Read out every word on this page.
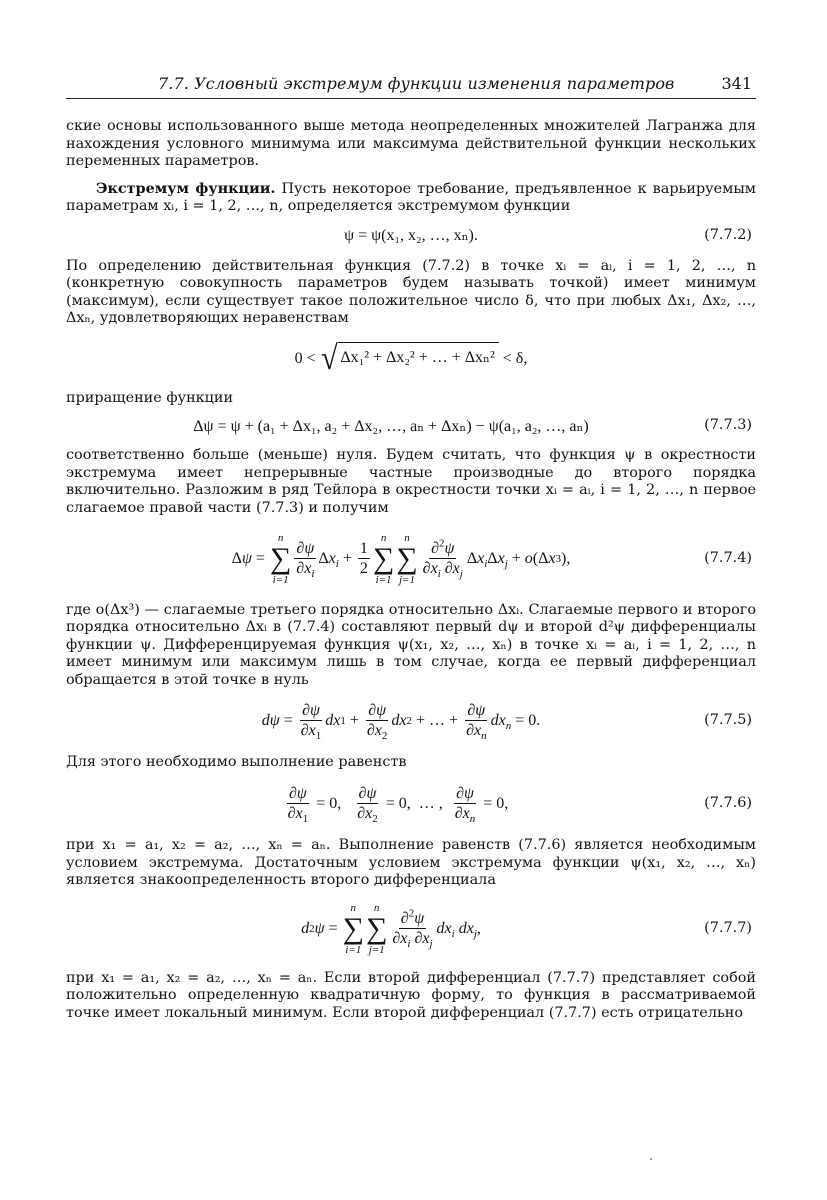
7.7. Условный экстремум функции изменения параметров	341

ские основы использованного выше метода неопределенных множителей Лагранжа для нахождения условного минимума или максимума действительной функции нескольких переменных параметров.

Экстремум функции. Пусть некоторое требование, предъявленное к варьируемым параметрам xᵢ, i = 1, 2, …, n, определяется экстремумом функции

ψ = ψ(x₁, x₂, …, xₙ).	(7.7.2)

По определению действительная функция (7.7.2) в точке xᵢ = aᵢ, i = 1, 2, …, n (конкретную совокупность параметров будем называть точкой) имеет минимум (максимум), если существует такое положительное число δ, что при любых Δx₁, Δx₂, …, Δxₙ, удовлетворяющих неравенствам

0 < √ Δx₁² + Δx₂² + … + Δxₙ² < δ,

приращение функции

Δψ = ψ + (a₁ + Δx₁, a₂ + Δx₂, …, aₙ + Δxₙ) − ψ(a₁, a₂, …, aₙ)	(7.7.3)

соответственно больше (меньше) нуля. Будем считать, что функция ψ в окрестности экстремума имеет непрерывные частные производные до второго порядка включительно. Разложим в ряд Тейлора в окрестности точки xᵢ = aᵢ, i = 1, 2, …, n первое слагаемое правой части (7.7.3) и получим

Δ ψ =
n
∑
i=1
$\frac{\partial\psi}{\partial x_i}$ Δ $x_i + \frac{1}{2}$
n
∑
i=1
n
∑
j=1
$\frac{\partial^2\psi}{\partial x_i \partial x_j}$ Δ $x_i$ Δ $x_j + o$ (Δ x 3 ),	(7.7.4)

где o(Δx³) — слагаемые третьего порядка относительно Δxᵢ. Слагаемые первого и второго порядка относительно Δxᵢ в (7.7.4) составляют первый dψ и второй d²ψ дифференциалы функции ψ. Дифференцируемая функция ψ(x₁, x₂, …, xₙ) в точке xᵢ = aᵢ, i = 1, 2, …, n имеет минимум или максимум лишь в том случае, когда ее первый дифференциал обращается в этой точке в нуль

$d\psi = \frac{\partial\psi}{\partial x_1}$ dx $1 + \frac{\partial\psi}{\partial x_2}$ dx 2 + … + $\frac{\partial\psi}{\partial x_n} dx_n = 0$.	(7.7.5)

Для этого необходимо выполнение равенств

$\frac{\partial\psi}{\partial x_1} = 0$, $\frac{\partial\psi}{\partial x_2} = 0$,  … , $\frac{\partial\psi}{\partial x_n} = 0$,	(7.7.6)

при x₁ = a₁, x₂ = a₂, …, xₙ = aₙ. Выполнение равенств (7.7.6) является необходимым условием экстремума. Достаточным условием экстремума функции ψ(x₁, x₂, …, xₙ) является знакоопределенность второго дифференциала

d 2 ψ =
n
∑
i=1
n
∑
j=1
$\frac{\partial^2\psi}{\partial x_i \partial x_j} dx_i$
$dx_j$ ,	(7.7.7)

при x₁ = a₁, x₂ = a₂, …, xₙ = aₙ. Если второй дифференциал (7.7.7) представляет собой положительно определенную квадратичную форму, то функция в рассматриваемой точке имеет локальный минимум. Если второй дифференциал (7.7.7) есть отрицательно
